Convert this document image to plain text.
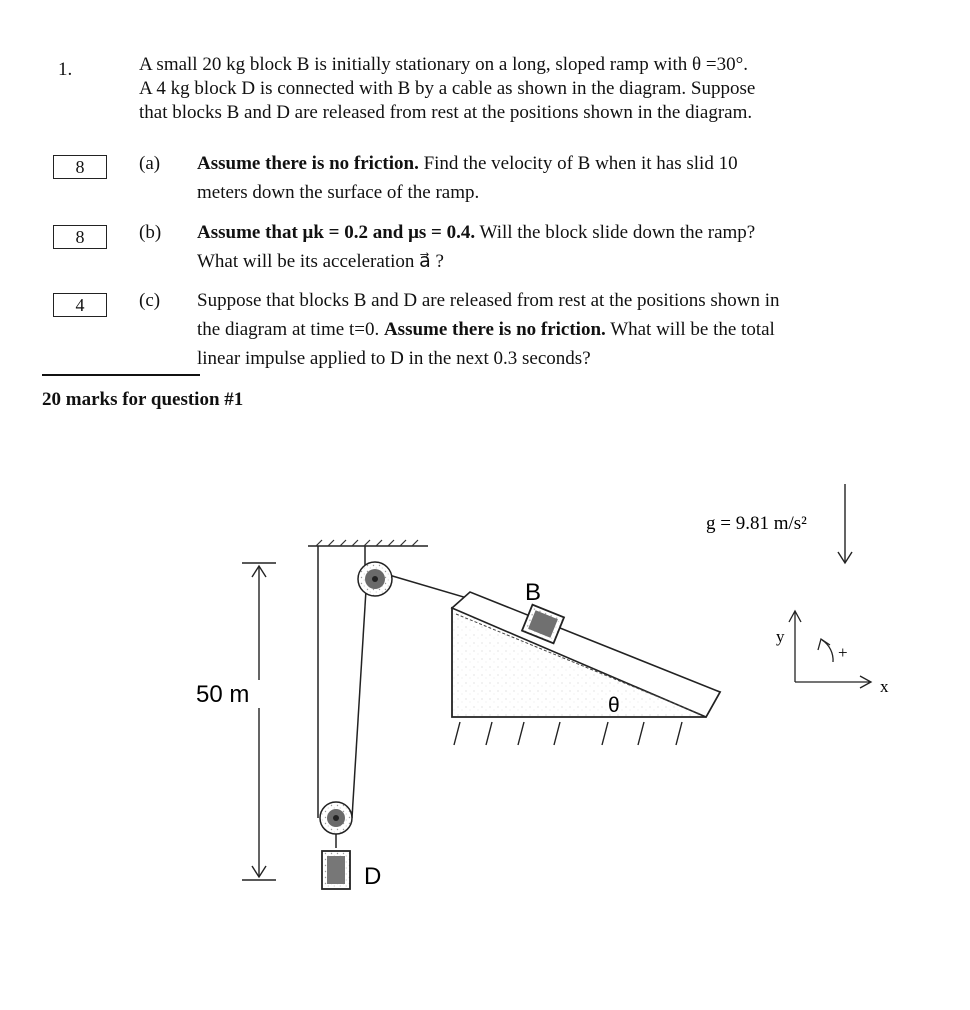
1.	A small 20 kg block B is initially stationary on a long, sloped ramp with θ =30°.
A 4 kg block D is connected with B by a cable as shown in the diagram. Suppose
that blocks B and D are released from rest at the positions shown in the diagram.
8	(a) Assume there is no friction. Find the velocity of B when it has slid 10
meters down the surface of the ramp.
8	(b) Assume that μk = 0.2 and μs = 0.4. Will the block slide down the ramp?
What will be its acceleration a⃗ ?
4	(c) Suppose that blocks B and D are released from rest at the positions shown in
the diagram at time t=0. Assume there is no friction. What will be the total
linear impulse applied to D in the next 0.3 seconds?
20 marks for question #1
D
50 m	θ
B
g = 9.81 m/s²
y
x
+
